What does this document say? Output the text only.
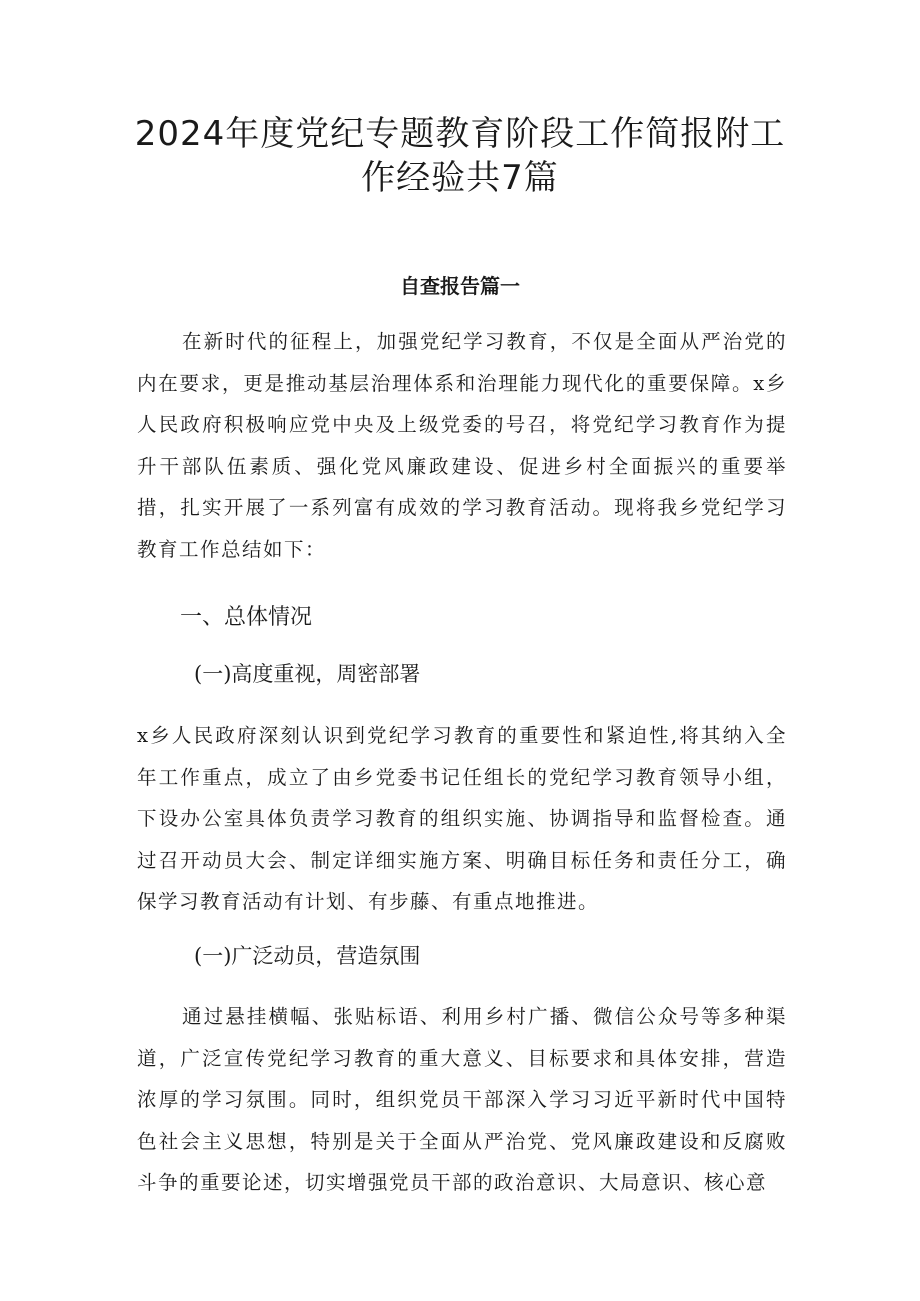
2024年度党纪专题教育阶段工作简报附工
作经验共7篇
自查报告篇一

在新时代的征程上，加强党纪学习教育，不仅是全面从严治党的内在要求，更是推动基层治理体系和治理能力现代化的重要保障。x乡人民政府积极响应党中央及上级党委的号召，将党纪学习教育作为提升干部队伍素质、强化党风廉政建设、促进乡村全面振兴的重要举措，扎实开展了一系列富有成效的学习教育活动。现将我乡党纪学习教育工作总结如下：

一、总体情况
(一)高度重视，周密部署

x乡人民政府深刻认识到党纪学习教育的重要性和紧迫性,将其纳入全年工作重点，成立了由乡党委书记任组长的党纪学习教育领导小组，下设办公室具体负责学习教育的组织实施、协调指导和监督检查。通过召开动员大会、制定详细实施方案、明确目标任务和责任分工，确保学习教育活动有计划、有步藤、有重点地推进。

(一)广泛动员，营造氛围

通过悬挂横幅、张贴标语、利用乡村广播、微信公众号等多种渠道，广泛宣传党纪学习教育的重大意义、目标要求和具体安排，营造浓厚的学习氛围。同时，组织党员干部深入学习习近平新时代中国特色社会主义思想，特别是关于全面从严治党、党风廉政建设和反腐败斗争的重要论述，切实增强党员干部的政治意识、大局意识、核心意
